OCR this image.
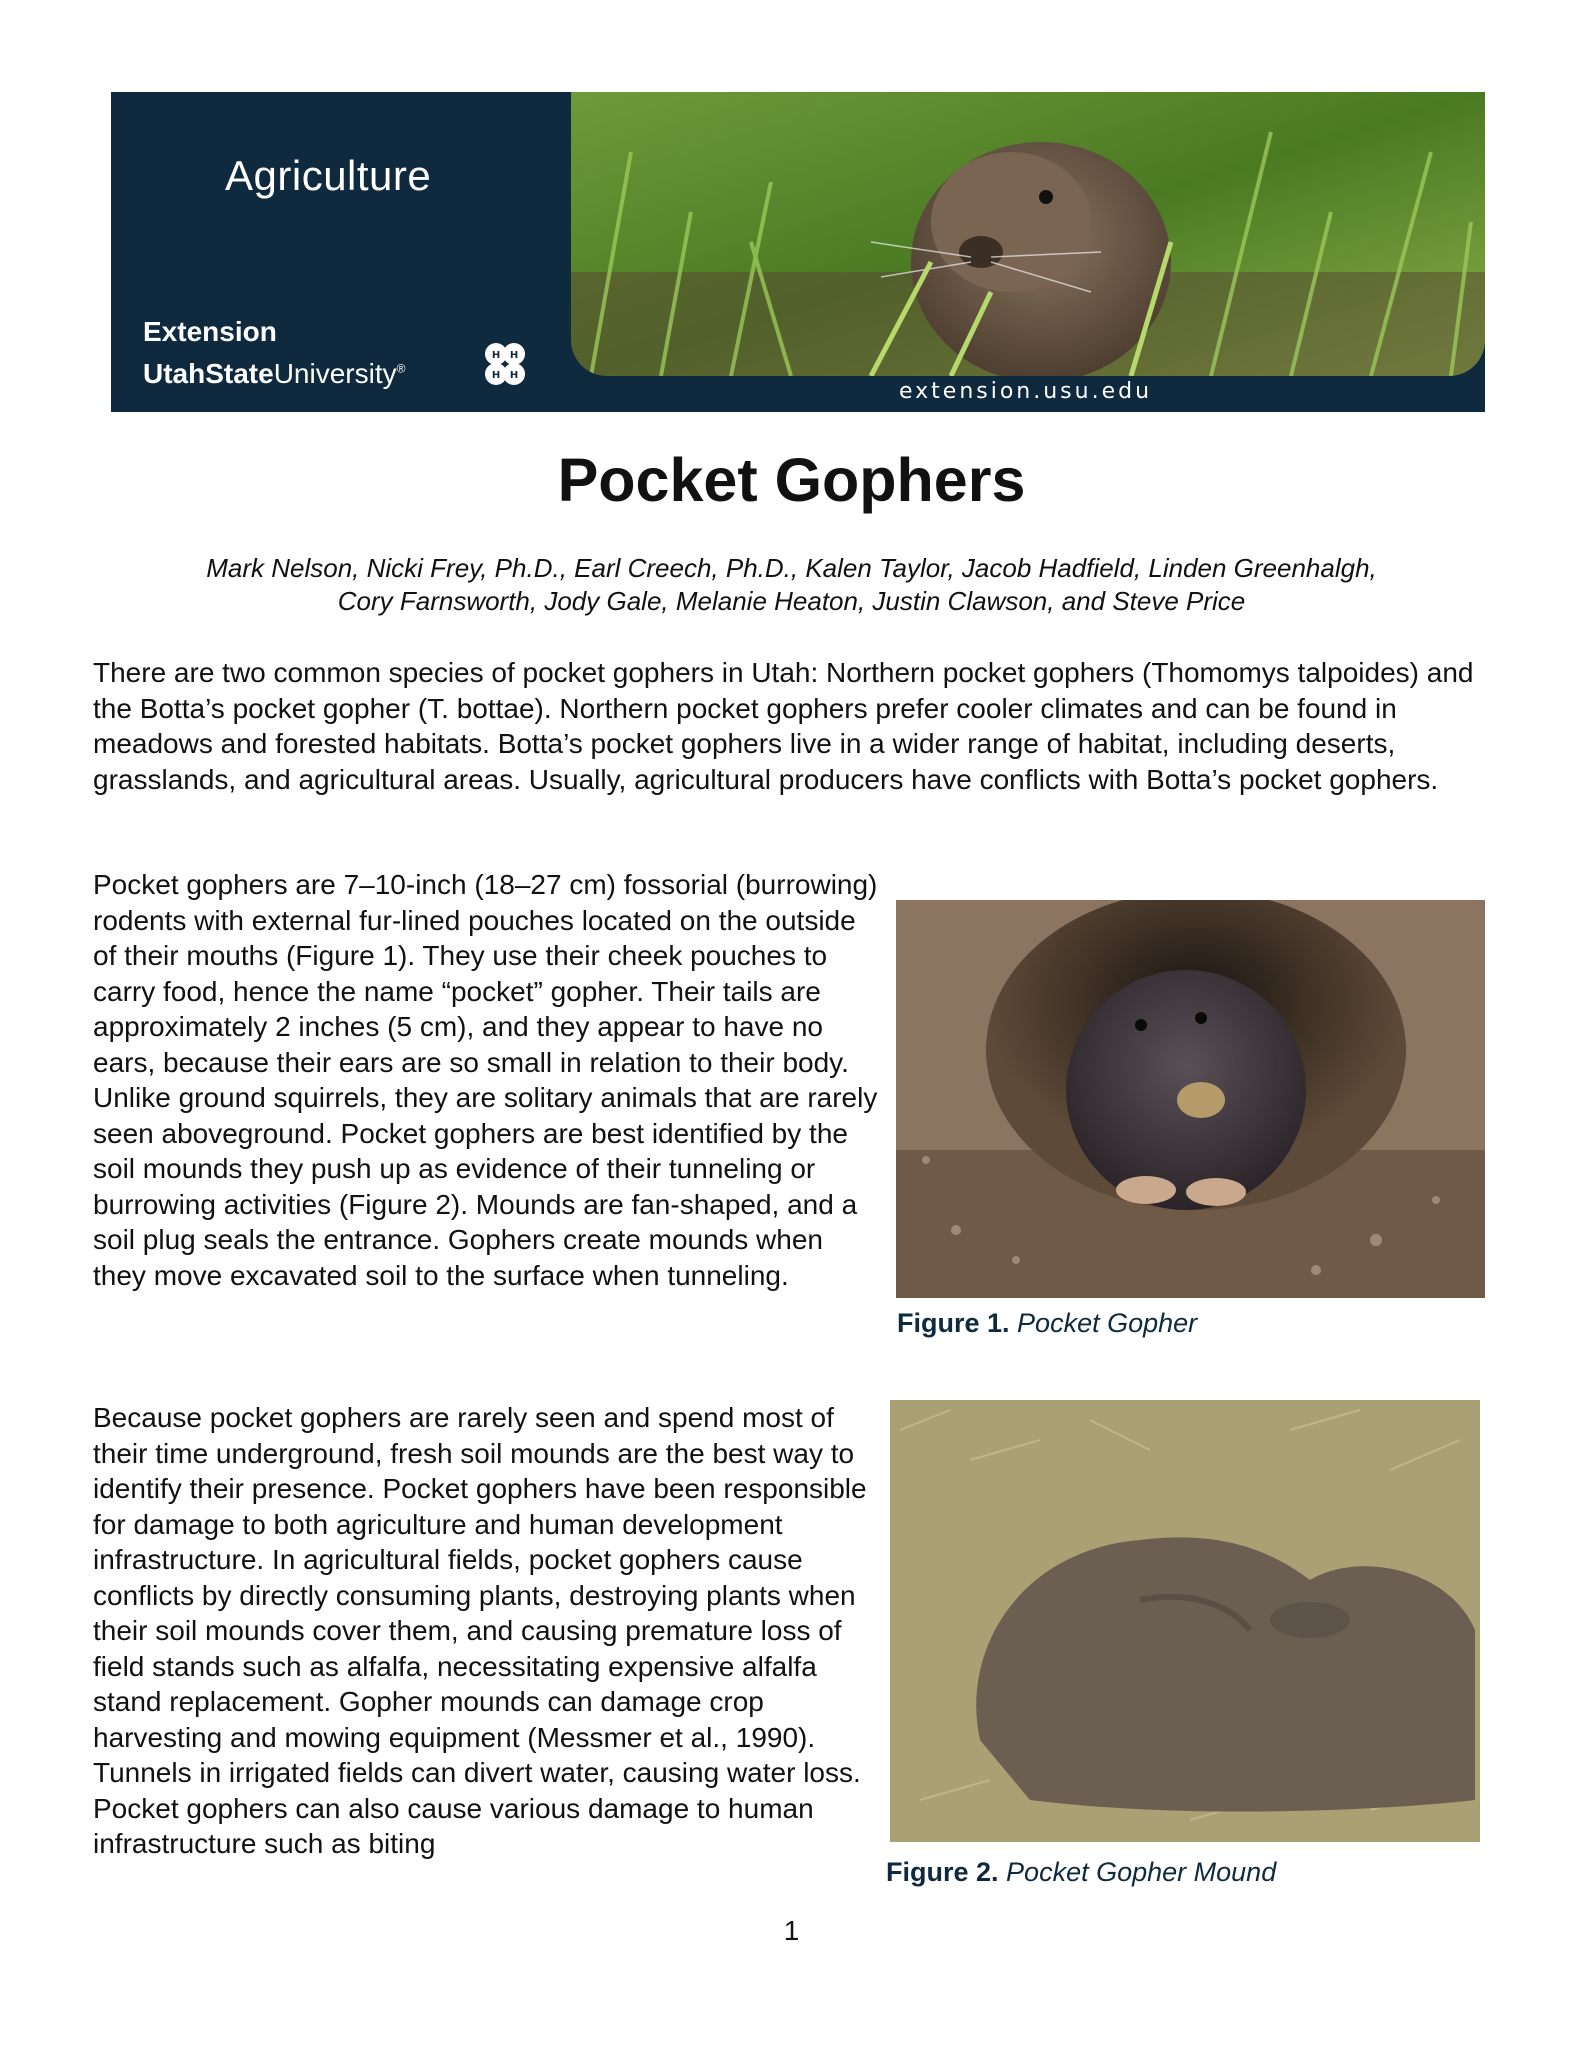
Agriculture
Extension
UtahStateUniversity®
H H
H H
extension.usu.edu
Pocket Gophers
Mark Nelson, Nicki Frey, Ph.D., Earl Creech, Ph.D., Kalen Taylor, Jacob Hadfield, Linden Greenhalgh,
Cory Farnsworth, Jody Gale, Melanie Heaton, Justin Clawson, and Steve Price

There are two common species of pocket gophers in Utah: Northern pocket gophers (Thomomys talpoides) and the Botta’s pocket gopher (T. bottae). Northern pocket gophers prefer cooler climates and can be found in meadows and forested habitats. Botta’s pocket gophers live in a wider range of habitat, including deserts, grasslands, and agricultural areas. Usually, agricultural producers have conflicts with Botta’s pocket gophers.

Pocket gophers are 7–10-inch (18–27 cm) fossorial (burrowing) rodents with external fur-lined pouches located on the outside of their mouths (Figure 1). They use their cheek pouches to carry food, hence the name “pocket” gopher. Their tails are approximately 2 inches (5 cm), and they appear to have no ears, because their ears are so small in relation to their body. Unlike ground squirrels, they are solitary animals that are rarely seen aboveground. Pocket gophers are best identified by the soil mounds they push up as evidence of their tunneling or burrowing activities (Figure 2). Mounds are fan-shaped, and a soil plug seals the entrance. Gophers create mounds when they move excavated soil to the surface when tunneling.

Because pocket gophers are rarely seen and spend most of their time underground, fresh soil mounds are the best way to identify their presence. Pocket gophers have been responsible for damage to both agriculture and human development infrastructure. In agricultural fields, pocket gophers cause conflicts by directly consuming plants, destroying plants when their soil mounds cover them, and causing premature loss of field stands such as alfalfa, necessitating expensive alfalfa stand replacement. Gopher mounds can damage crop harvesting and mowing equipment (Messmer et al., 1990). Tunnels in irrigated fields can divert water, causing water loss. Pocket gophers can also cause various damage to human infrastructure such as biting

Figure 1. Pocket Gopher
Figure 2. Pocket Gopher Mound
1
